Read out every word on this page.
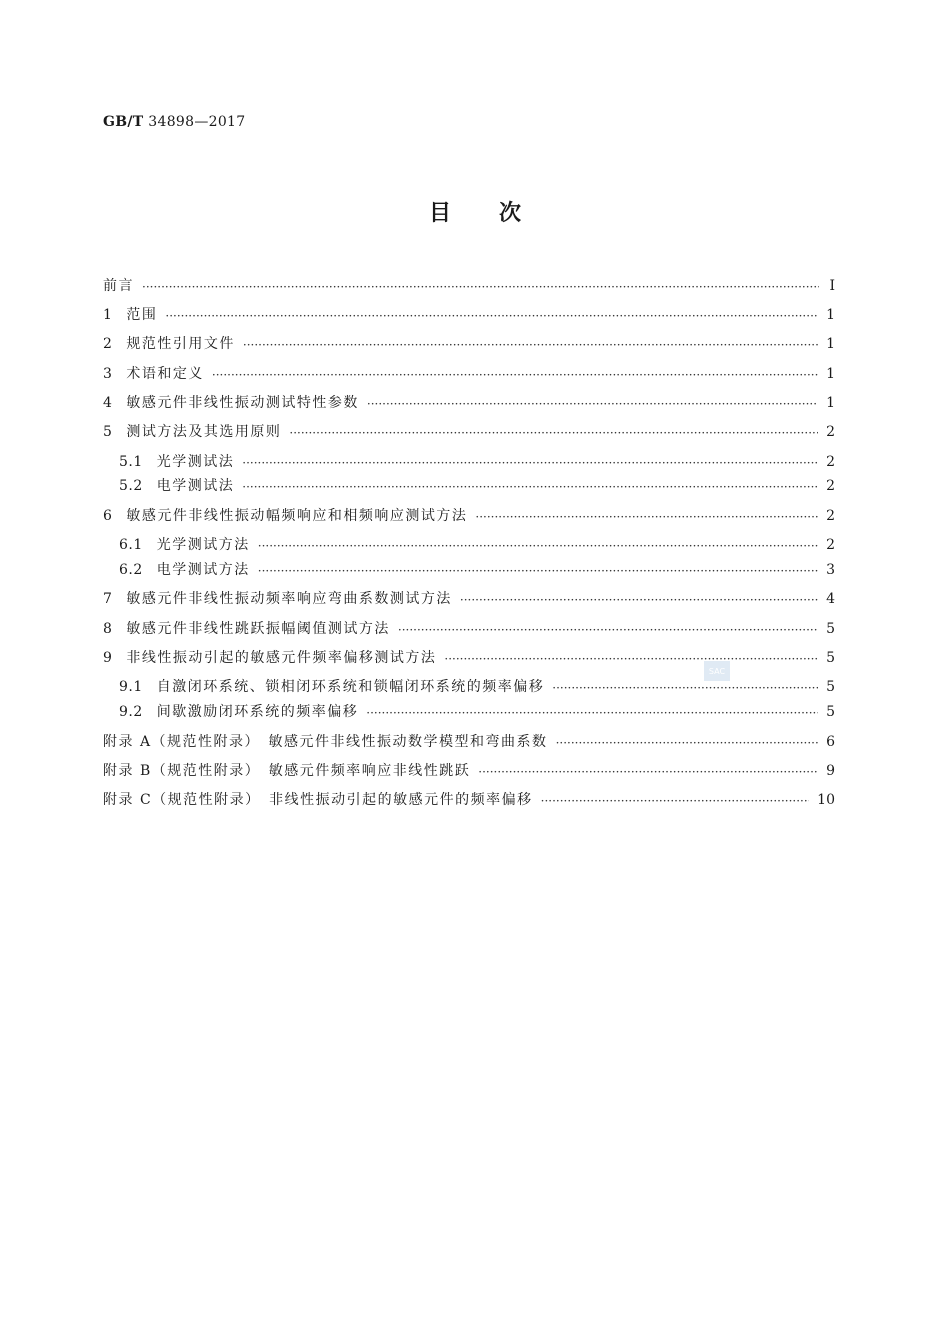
GB/T 34898—2017
目次
前言 ·····	Ⅰ
1 范围 ·····	1
2 规范性引用文件 ·····	1
3 术语和定义 ·····	1
4 敏感元件非线性振动测试特性参数 ·····	1
5 测试方法及其选用原则 ·····	2
5.1 光学测试法 ·····	2
5.2 电学测试法 ·····	2
6 敏感元件非线性振动幅频响应和相频响应测试方法 ·····	2
6.1 光学测试方法 ·····	2
6.2 电学测试方法 ·····	3
7 敏感元件非线性振动频率响应弯曲系数测试方法 ·····	4
8 敏感元件非线性跳跃振幅阈值测试方法 ·····	5
9 非线性振动引起的敏感元件频率偏移测试方法 ·····	5
9.1 自激闭环系统、锁相闭环系统和锁幅闭环系统的频率偏移 ·····	5
9.2 间歇激励闭环系统的频率偏移 ·····	5
附录 A（规范性附录）　敏感元件非线性振动数学模型和弯曲系数 ·····	6
附录 B（规范性附录）　敏感元件频率响应非线性跳跃 ·····	9
附录 C（规范性附录）　非线性振动引起的敏感元件的频率偏移 ·····	10
SAC
